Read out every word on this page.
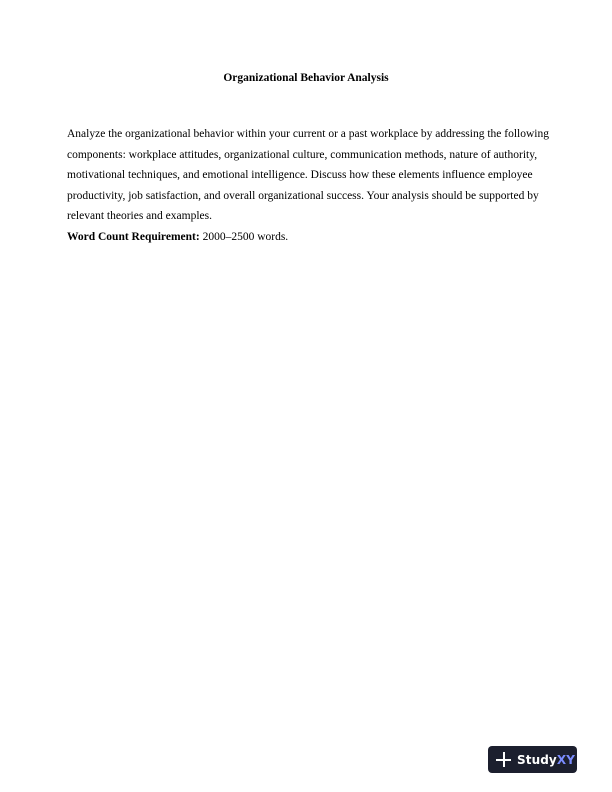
Organizational Behavior Analysis

Analyze the organizational behavior within your current or a past workplace by addressing the following components: workplace attitudes, organizational culture, communication methods, nature of authority, motivational techniques, and emotional intelligence. Discuss how these elements influence employee productivity, job satisfaction, and overall organizational success. Your analysis should be supported by relevant theories and examples.

Word Count Requirement: 2000–2500 words.

StudyXY
